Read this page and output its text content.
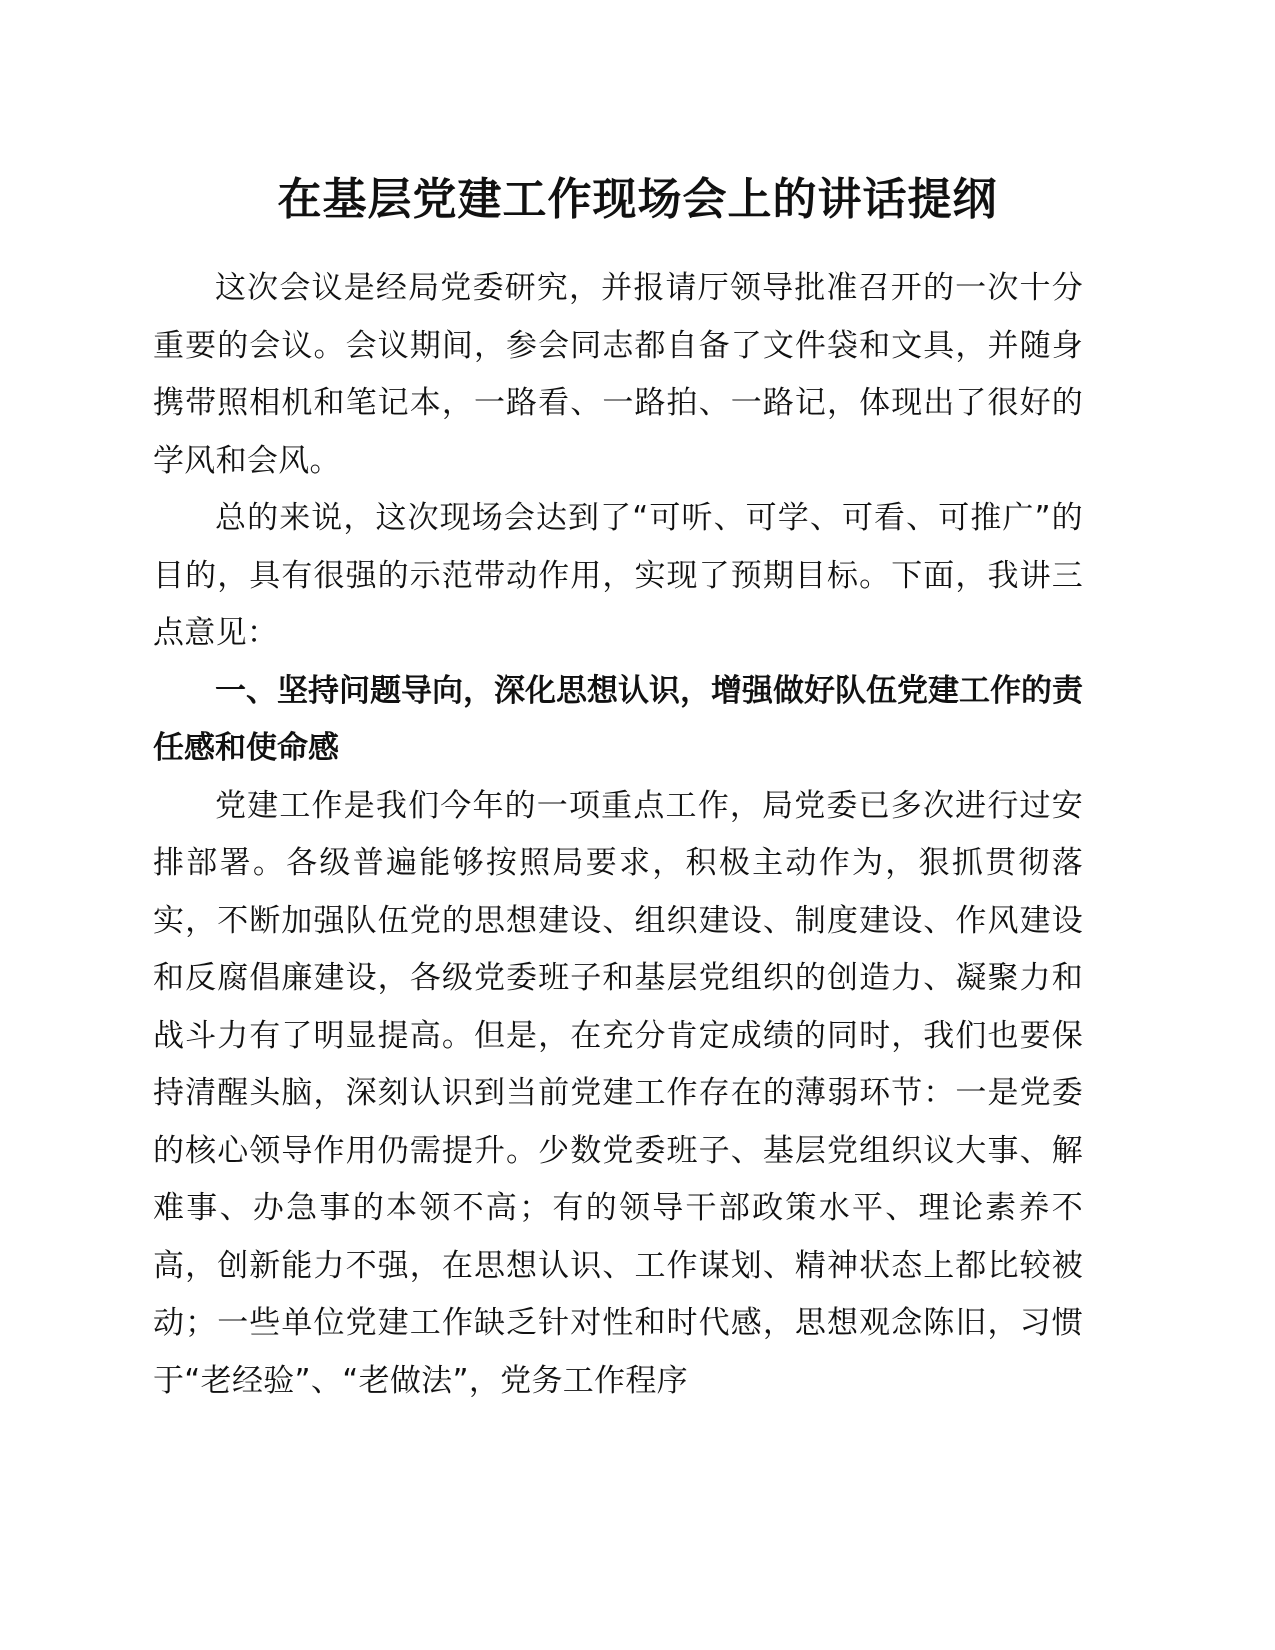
在基层党建工作现场会上的讲话提纲

这次会议是经局党委研究，并报请厅领导批准召开的一次十分重要的会议。会议期间，参会同志都自备了文件袋和文具，并随身携带照相机和笔记本，一路看、一路拍、一路记，体现出了很好的学风和会风。

总的来说，这次现场会达到了“可听、可学、可看、可推广”的目的，具有很强的示范带动作用，实现了预期目标。下面，我讲三点意见：

一、坚持问题导向，深化思想认识，增强做好队伍党建工作的责任感和使命感

党建工作是我们今年的一项重点工作，局党委已多次进行过安排部署。各级普遍能够按照局要求，积极主动作为，狠抓贯彻落实，不断加强队伍党的思想建设、组织建设、制度建设、作风建设和反腐倡廉建设，各级党委班子和基层党组织的创造力、凝聚力和战斗力有了明显提高。但是，在充分肯定成绩的同时，我们也要保持清醒头脑，深刻认识到当前党建工作存在的薄弱环节：一是党委的核心领导作用仍需提升。少数党委班子、基层党组织议大事、解难事、办急事的本领不高；有的领导干部政策水平、理论素养不高，创新能力不强，在思想认识、工作谋划、精神状态上都比较被动；一些单位党建工作缺乏针对性和时代感，思想观念陈旧，习惯于“老经验”、“老做法”，党务工作程序
